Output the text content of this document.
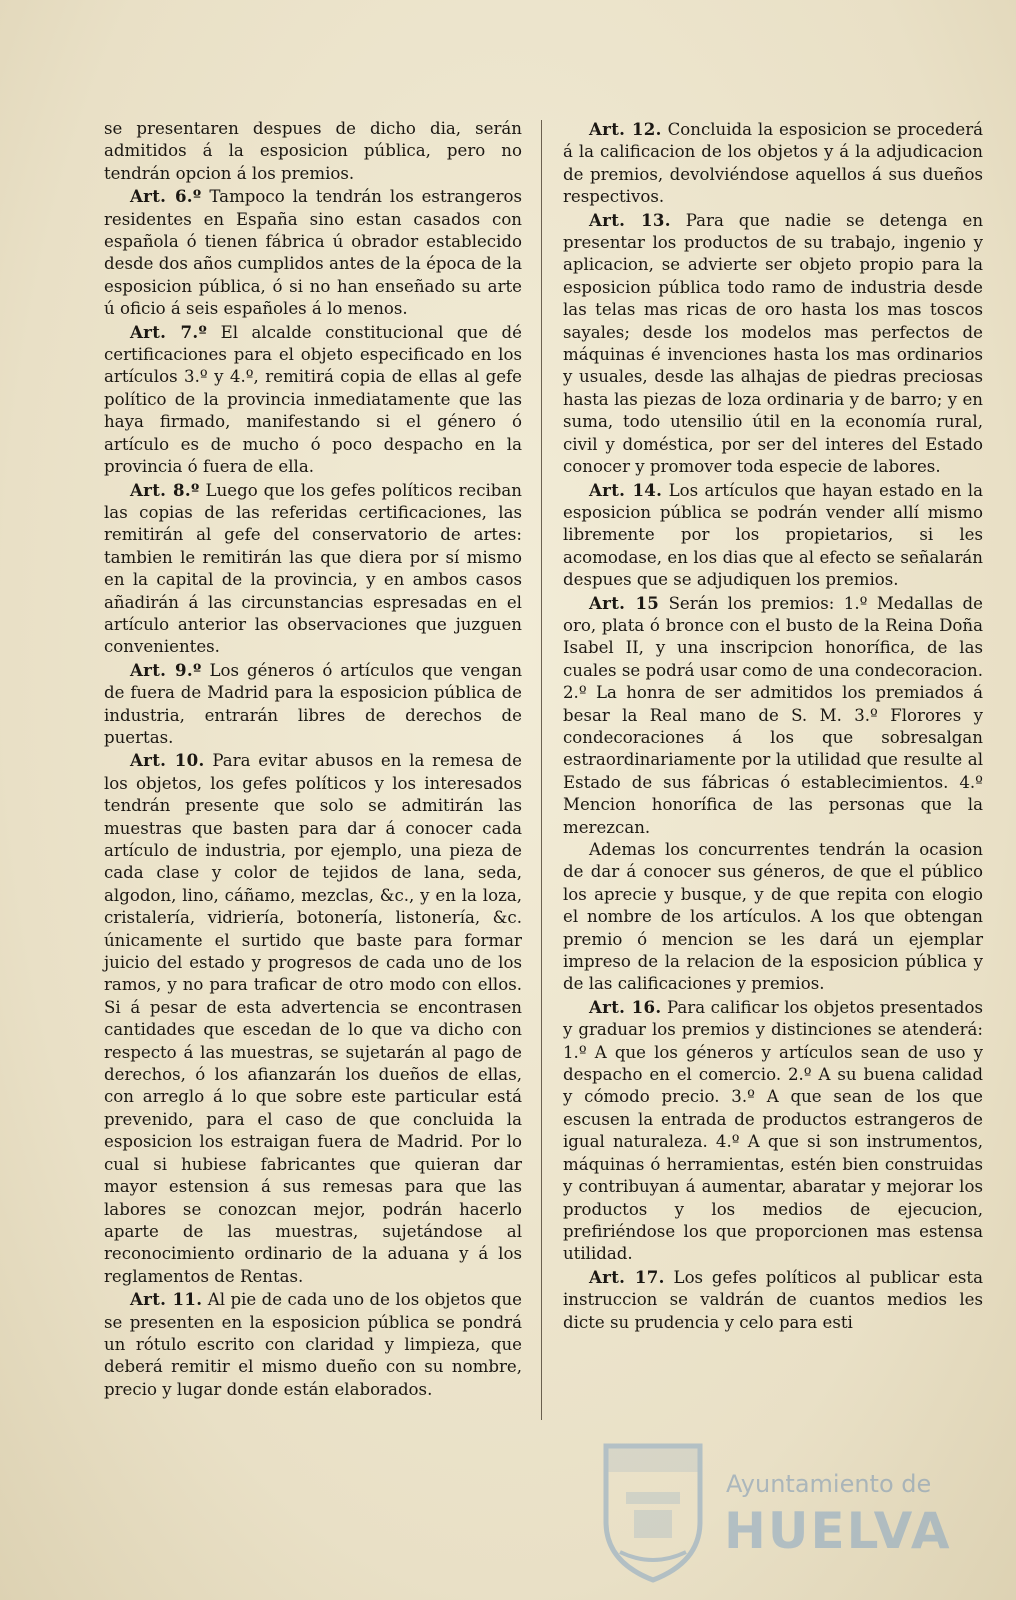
se presentaren despues de dicho dia, serán admitidos á la esposicion pública, pero no tendrán opcion á los premios.

Art. 6.º Tampoco la tendrán los estrangeros residentes en España sino estan casados con española ó tienen fábrica ú obrador establecido desde dos años cumplidos antes de la época de la esposicion pública, ó si no han enseñado su arte ú oficio á seis españoles á lo menos.

Art. 7.º El alcalde constitucional que dé certificaciones para el objeto especificado en los artículos 3.º y 4.º, remitirá copia de ellas al gefe político de la provincia inmediatamente que las haya firmado, manifestando si el género ó artículo es de mucho ó poco despacho en la provincia ó fuera de ella.

Art. 8.º Luego que los gefes políticos reciban las copias de las referidas certificaciones, las remitirán al gefe del conservatorio de artes: tambien le remitirán las que diera por sí mismo en la capital de la provincia, y en ambos casos añadirán á las circunstancias espresadas en el artículo anterior las observaciones que juzguen convenientes.

Art. 9.º Los géneros ó artículos que vengan de fuera de Madrid para la esposicion pública de industria, entrarán libres de derechos de puertas.

Art. 10. Para evitar abusos en la remesa de los objetos, los gefes políticos y los interesados tendrán presente que solo se admitirán las muestras que basten para dar á conocer cada artículo de industria, por ejemplo, una pieza de cada clase y color de tejidos de lana, seda, algodon, lino, cáñamo, mezclas, &c., y en la loza, cristalería, vidriería, botonería, listonería, &c. únicamente el surtido que baste para formar juicio del estado y progresos de cada uno de los ramos, y no para traficar de otro modo con ellos. Si á pesar de esta advertencia se encontrasen cantidades que escedan de lo que va dicho con respecto á las muestras, se sujetarán al pago de derechos, ó los afianzarán los dueños de ellas, con arreglo á lo que sobre este particular está prevenido, para el caso de que concluida la esposicion los estraigan fuera de Madrid. Por lo cual si hubiese fabricantes que quieran dar mayor estension á sus remesas para que las labores se conozcan mejor, podrán hacerlo aparte de las muestras, sujetándose al reconocimiento ordinario de la aduana y á los reglamentos de Rentas.

Art. 11. Al pie de cada uno de los objetos que se presenten en la esposicion pública se pondrá un rótulo escrito con claridad y limpieza, que deberá remitir el mismo dueño con su nombre, precio y lugar donde están elaborados.

Art. 12. Concluida la esposicion se procederá á la calificacion de los objetos y á la adjudicacion de premios, devolviéndose aquellos á sus dueños respectivos.

Art. 13. Para que nadie se detenga en presentar los productos de su trabajo, ingenio y aplicacion, se advierte ser objeto propio para la esposicion pública todo ramo de industria desde las telas mas ricas de oro hasta los mas toscos sayales; desde los modelos mas perfectos de máquinas é invenciones hasta los mas ordinarios y usuales, desde las alhajas de piedras preciosas hasta las piezas de loza ordinaria y de barro; y en suma, todo utensilio útil en la economía rural, civil y doméstica, por ser del interes del Estado conocer y promover toda especie de labores.

Art. 14. Los artículos que hayan estado en la esposicion pública se podrán vender allí mismo libremente por los propietarios, si les acomodase, en los dias que al efecto se señalarán despues que se adjudiquen los premios.

Art. 15 Serán los premios: 1.º Medallas de oro, plata ó bronce con el busto de la Reina Doña Isabel II, y una inscripcion honorífica, de las cuales se podrá usar como de una condecoracion. 2.º La honra de ser admitidos los premiados á besar la Real mano de S. M. 3.º Florores y condecoraciones á los que sobresalgan estraordinariamente por la utilidad que resulte al Estado de sus fábricas ó establecimientos. 4.º Mencion honorífica de las personas que la merezcan.

Ademas los concurrentes tendrán la ocasion de dar á conocer sus géneros, de que el público los aprecie y busque, y de que repita con elogio el nombre de los artículos. A los que obtengan premio ó mencion se les dará un ejemplar impreso de la relacion de la esposicion pública y de las calificaciones y premios.

Art. 16. Para calificar los objetos presentados y graduar los premios y distinciones se atenderá: 1.º A que los géneros y artículos sean de uso y despacho en el comercio. 2.º A su buena calidad y cómodo precio. 3.º A que sean de los que escusen la entrada de productos estrangeros de igual naturaleza. 4.º A que si son instrumentos, máquinas ó herramientas, estén bien construidas y contribuyan á aumentar, abaratar y mejorar los productos y los medios de ejecucion, prefiriéndose los que proporcionen mas estensa utilidad.

Art. 17. Los gefes políticos al publicar esta instruccion se valdrán de cuantos medios les dicte su prudencia y celo para esti

Ayuntamiento de
HUELVA
